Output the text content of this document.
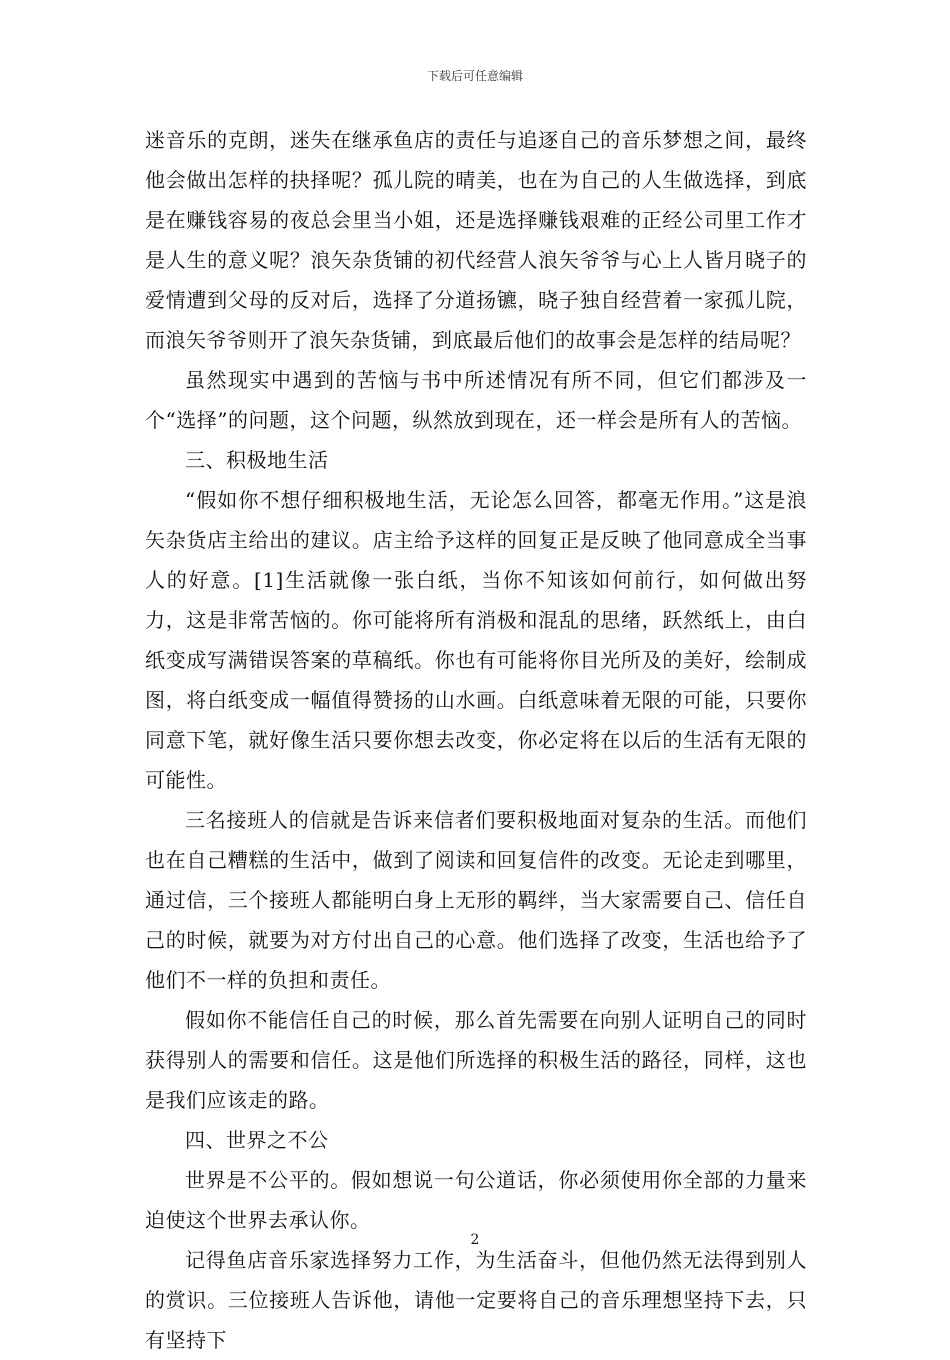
下载后可任意编辑

迷音乐的克朗，迷失在继承鱼店的责任与追逐自己的音乐梦想之间，最终他会做出怎样的抉择呢？孤儿院的晴美，也在为自己的人生做选择，到底是在赚钱容易的夜总会里当小姐，还是选择赚钱艰难的正经公司里工作才是人生的意义呢？浪矢杂货铺的初代经营人浪矢爷爷与心上人皆月晓子的爱情遭到父母的反对后，选择了分道扬镳，晓子独自经营着一家孤儿院，而浪矢爷爷则开了浪矢杂货铺，到底最后他们的故事会是怎样的结局呢？

虽然现实中遇到的苦恼与书中所述情况有所不同，但它们都涉及一个“选择”的问题，这个问题，纵然放到现在，还一样会是所有人的苦恼。

三、积极地生活

“假如你不想仔细积极地生活，无论怎么回答，都毫无作用。”这是浪矢杂货店主给出的建议。店主给予这样的回复正是反映了他同意成全当事人的好意。[1]生活就像一张白纸，当你不知该如何前行，如何做出努力，这是非常苦恼的。你可能将所有消极和混乱的思绪，跃然纸上，由白纸变成写满错误答案的草稿纸。你也有可能将你目光所及的美好，绘制成图，将白纸变成一幅值得赞扬的山水画。白纸意味着无限的可能，只要你同意下笔，就好像生活只要你想去改变，你必定将在以后的生活有无限的可能性。

三名接班人的信就是告诉来信者们要积极地面对复杂的生活。而他们也在自己糟糕的生活中，做到了阅读和回复信件的改变。无论走到哪里，通过信，三个接班人都能明白身上无形的羁绊，当大家需要自己、信任自己的时候，就要为对方付出自己的心意。他们选择了改变，生活也给予了他们不一样的负担和责任。

假如你不能信任自己的时候，那么首先需要在向别人证明自己的同时获得别人的需要和信任。这是他们所选择的积极生活的路径，同样，这也是我们应该走的路。

四、世界之不公

世界是不公平的。假如想说一句公道话，你必须使用你全部的力量来迫使这个世界去承认你。

记得鱼店音乐家选择努力工作，为生活奋斗，但他仍然无法得到别人的赏识。三位接班人告诉他，请他一定要将自己的音乐理想坚持下去，只有坚持下

2
